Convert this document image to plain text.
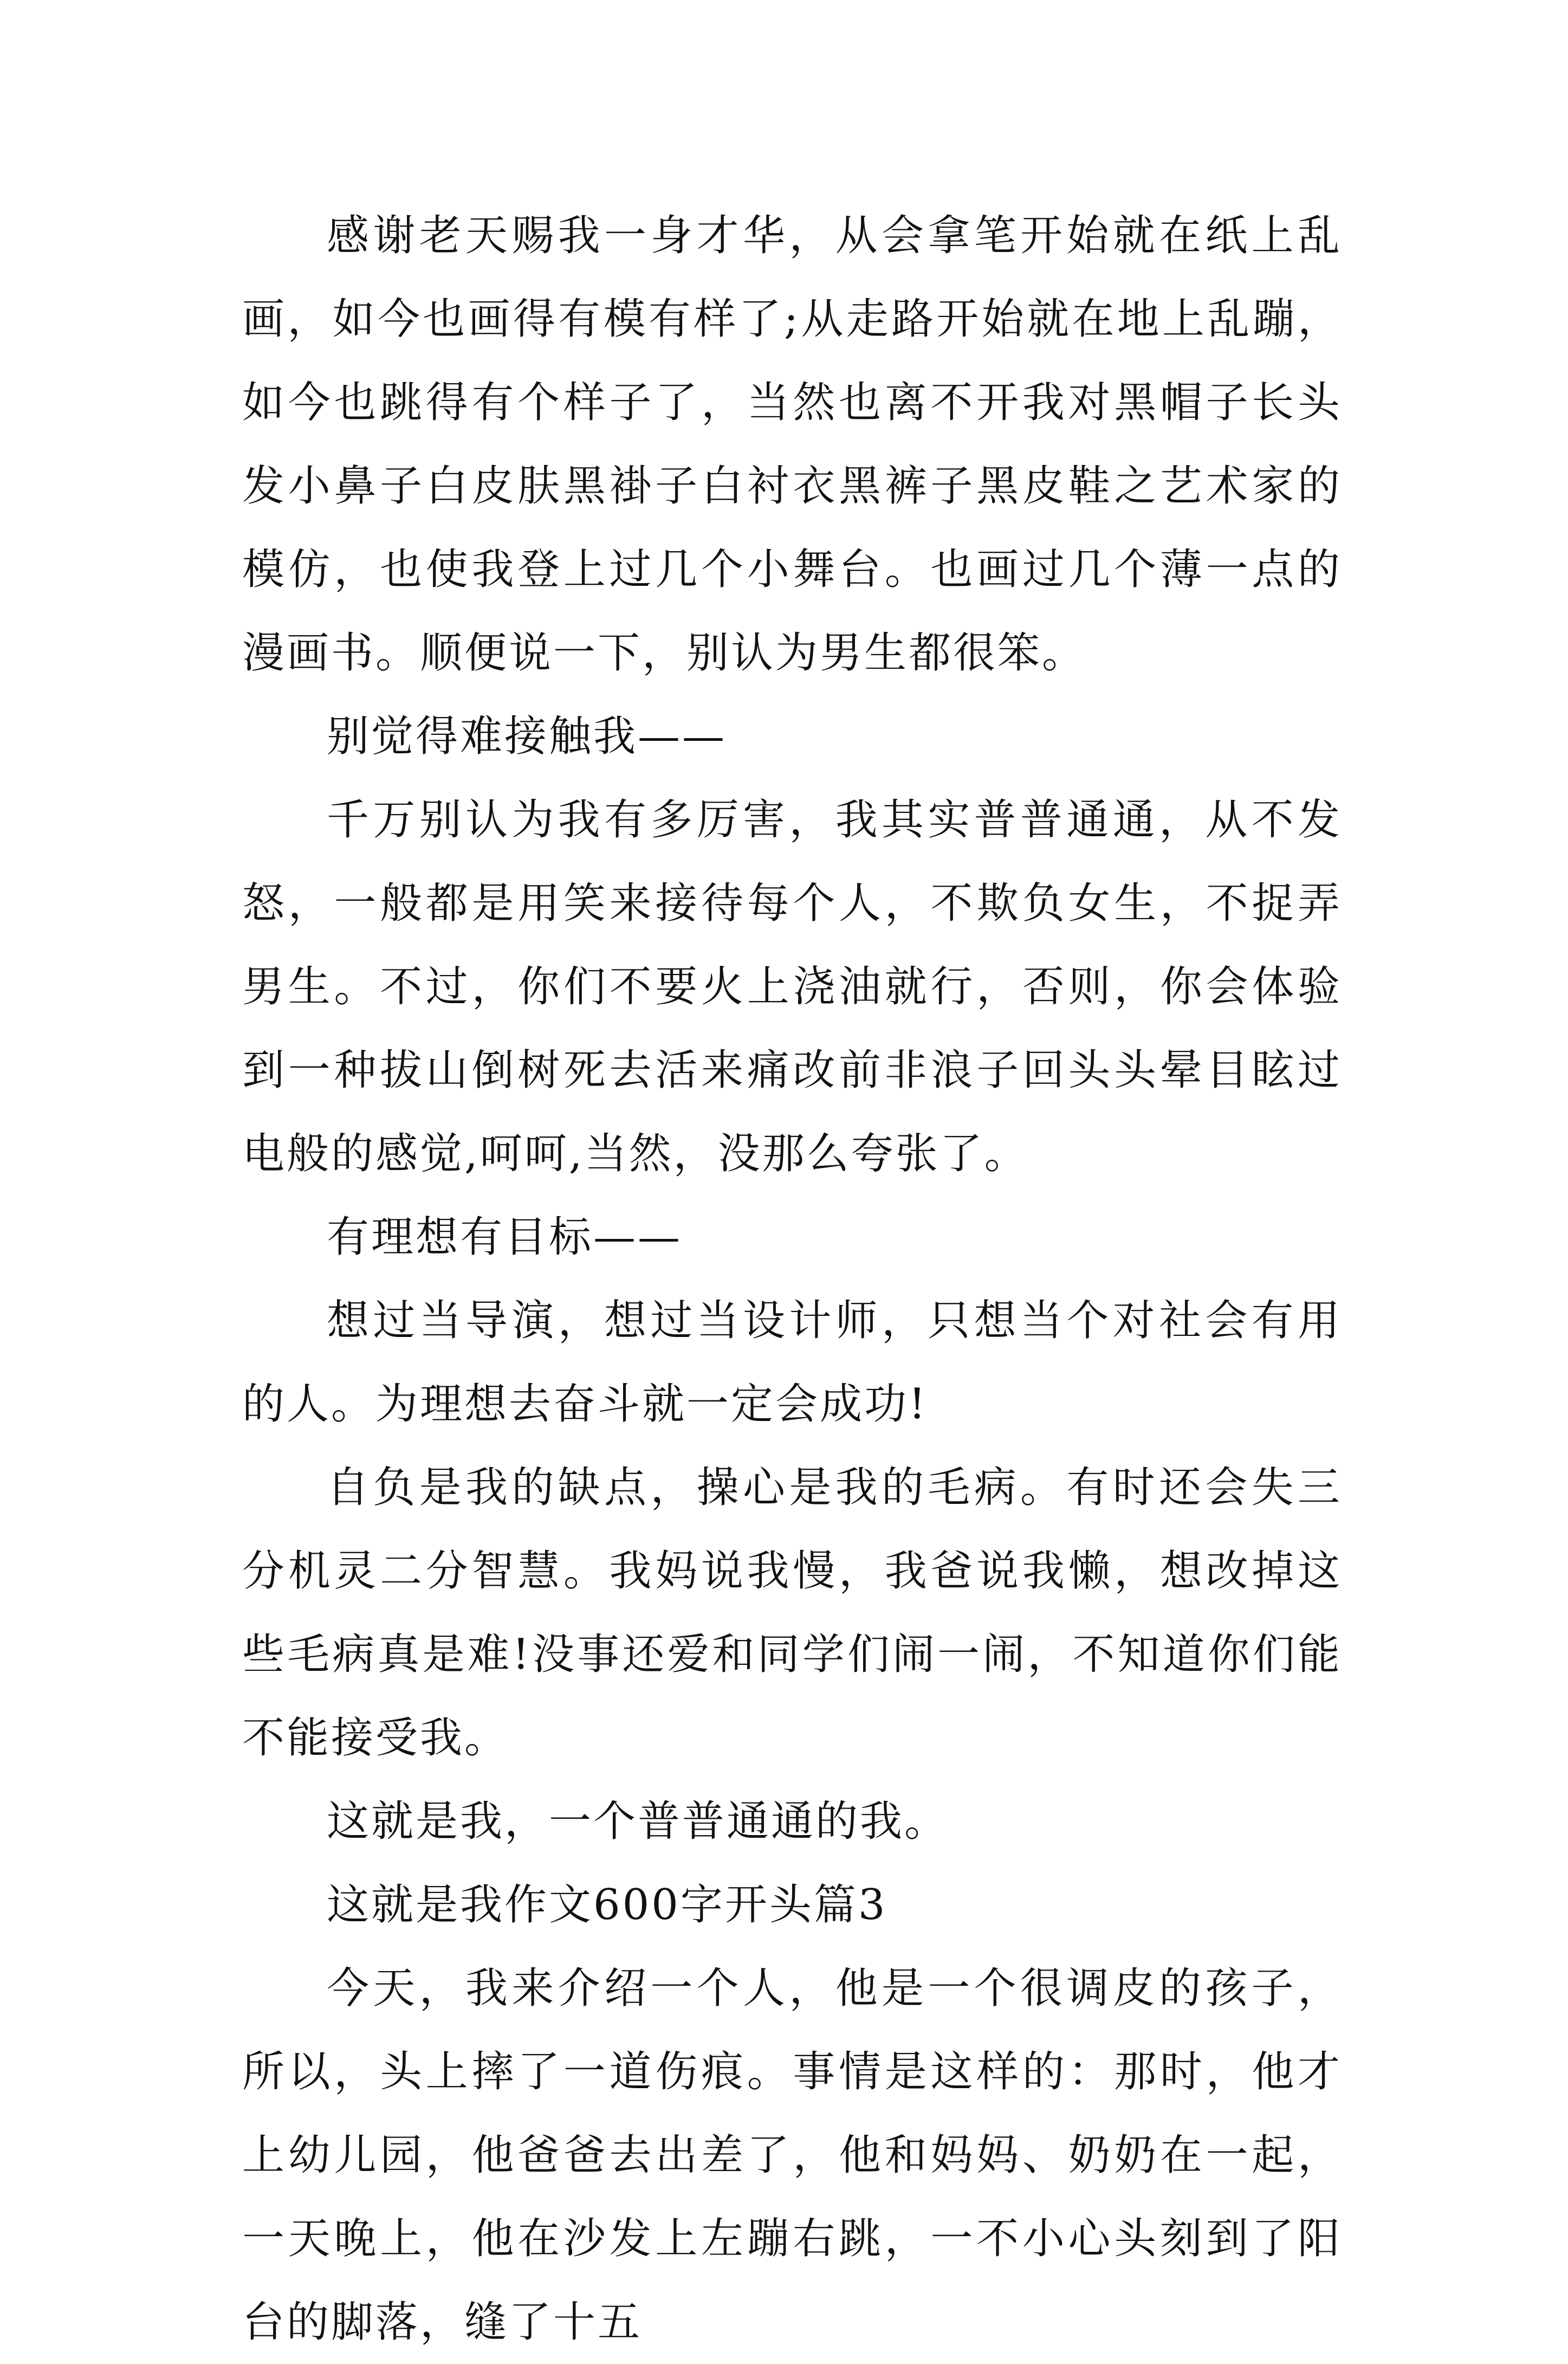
感谢老天赐我一身才华，从会拿笔开始就在纸上乱画，如今也画得有模有样了;从走路开始就在地上乱蹦，如今也跳得有个样子了，当然也离不开我对黑帽子长头发小鼻子白皮肤黑褂子白衬衣黑裤子黑皮鞋之艺术家的模仿，也使我登上过几个小舞台。也画过几个薄一点的漫画书。顺便说一下，别认为男生都很笨。

别觉得难接触我——

千万别认为我有多厉害，我其实普普通通，从不发怒，一般都是用笑来接待每个人，不欺负女生，不捉弄男生。不过，你们不要火上浇油就行，否则，你会体验到一种拔山倒树死去活来痛改前非浪子回头头晕目眩过电般的感觉,呵呵,当然，没那么夸张了。

有理想有目标——

想过当导演，想过当设计师，只想当个对社会有用的人。为理想去奋斗就一定会成功!

自负是我的缺点，操心是我的毛病。有时还会失三分机灵二分智慧。我妈说我慢，我爸说我懒，想改掉这些毛病真是难!没事还爱和同学们闹一闹，不知道你们能不能接受我。

这就是我，一个普普通通的我。

这就是我作文600字开头篇3

今天，我来介绍一个人，他是一个很调皮的孩子，所以，头上摔了一道伤痕。事情是这样的：那时，他才上幼儿园，他爸爸去出差了，他和妈妈、奶奶在一起，一天晚上，他在沙发上左蹦右跳，一不小心头刻到了阳台的脚落，缝了十五
